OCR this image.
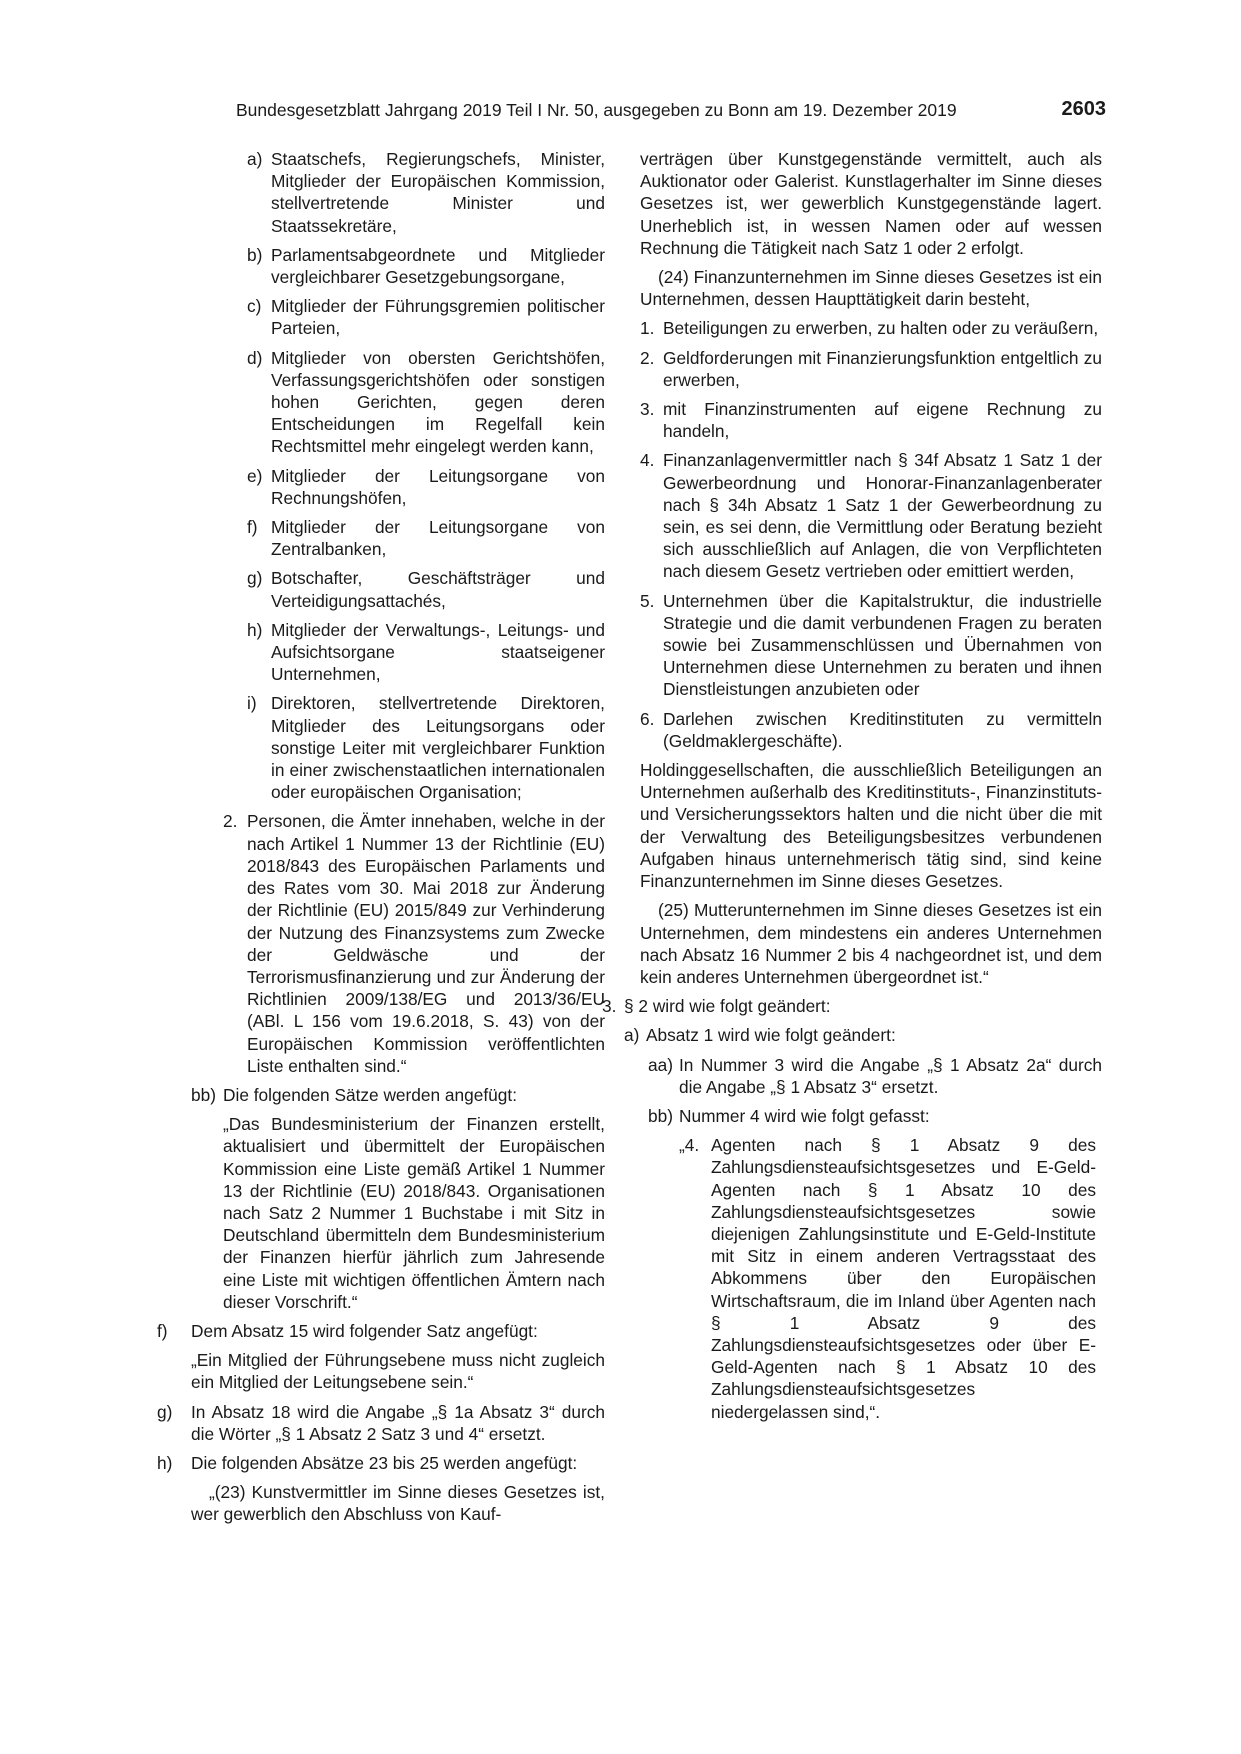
Bundesgesetzblatt Jahrgang 2019 Teil I Nr. 50, ausgegeben zu Bonn am 19. Dezember 2019	2603
a) Staatschefs, Regierungschefs, Minister, Mitglieder der Europäischen Kommission, stellvertretende Minister und Staatssekretäre,
b) Parlamentsabgeordnete und Mitglieder vergleichbarer Gesetzgebungsorgane,
c) Mitglieder der Führungsgremien politischer Parteien,
d) Mitglieder von obersten Gerichtshöfen, Verfassungsgerichtshöfen oder sonstigen hohen Gerichten, gegen deren Entscheidungen im Regelfall kein Rechtsmittel mehr eingelegt werden kann,
e) Mitglieder der Leitungsorgane von Rechnungshöfen,
f) Mitglieder der Leitungsorgane von Zentralbanken,
g) Botschafter, Geschäftsträger und Verteidigungsattachés,
h) Mitglieder der Verwaltungs-, Leitungs- und Aufsichtsorgane staatseigener Unternehmen,
i) Direktoren, stellvertretende Direktoren, Mitglieder des Leitungsorgans oder sonstige Leiter mit vergleichbarer Funktion in einer zwischenstaatlichen internationalen oder europäischen Organisation;
2. Personen, die Ämter innehaben, welche in der nach Artikel 1 Nummer 13 der Richtlinie (EU) 2018/843 des Europäischen Parlaments und des Rates vom 30. Mai 2018 zur Änderung der Richtlinie (EU) 2015/849 zur Verhinderung der Nutzung des Finanzsystems zum Zwecke der Geldwäsche und der Terrorismusfinanzierung und zur Änderung der Richtlinien 2009/138/EG und 2013/36/EU (ABl. L 156 vom 19.6.2018, S. 43) von der Europäischen Kommission veröffentlichten Liste enthalten sind.“
bb) Die folgenden Sätze werden angefügt:

„Das Bundesministerium der Finanzen erstellt, aktualisiert und übermittelt der Europäischen Kommission eine Liste gemäß Artikel 1 Nummer 13 der Richtlinie (EU) 2018/843. Organisationen nach Satz 2 Nummer 1 Buchstabe i mit Sitz in Deutschland übermitteln dem Bundesministerium der Finanzen hierfür jährlich zum Jahresende eine Liste mit wichtigen öffentlichen Ämtern nach dieser Vorschrift.“

f)	Dem Absatz 15 wird folgender Satz angefügt:

„Ein Mitglied der Führungsebene muss nicht zugleich ein Mitglied der Leitungsebene sein.“

g)	In Absatz 18 wird die Angabe „§ 1a Absatz 3“ durch die Wörter „§ 1 Absatz 2 Satz 3 und 4“ ersetzt.
h)	Die folgenden Absätze 23 bis 25 werden angefügt:

„(23) Kunstvermittler im Sinne dieses Gesetzes ist, wer gewerblich den Abschluss von Kauf-

verträgen über Kunstgegenstände vermittelt, auch als Auktionator oder Galerist. Kunstlagerhalter im Sinne dieses Gesetzes ist, wer gewerblich Kunstgegenstände lagert. Unerheblich ist, in wessen Namen oder auf wessen Rechnung die Tätigkeit nach Satz 1 oder 2 erfolgt.

(24) Finanzunternehmen im Sinne dieses Gesetzes ist ein Unternehmen, dessen Haupttätigkeit darin besteht,

1. Beteiligungen zu erwerben, zu halten oder zu veräußern,
2. Geldforderungen mit Finanzierungsfunktion entgeltlich zu erwerben,
3. mit Finanzinstrumenten auf eigene Rechnung zu handeln,
4. Finanzanlagenvermittler nach § 34f Absatz 1 Satz 1 der Gewerbeordnung und Honorar-Finanzanlagenberater nach § 34h Absatz 1 Satz 1 der Gewerbeordnung zu sein, es sei denn, die Vermittlung oder Beratung bezieht sich ausschließlich auf Anlagen, die von Verpflichteten nach diesem Gesetz vertrieben oder emittiert werden,
5. Unternehmen über die Kapitalstruktur, die industrielle Strategie und die damit verbundenen Fragen zu beraten sowie bei Zusammenschlüssen und Übernahmen von Unternehmen diese Unternehmen zu beraten und ihnen Dienstleistungen anzubieten oder
6. Darlehen zwischen Kreditinstituten zu vermitteln (Geldmaklergeschäfte).

Holdinggesellschaften, die ausschließlich Beteiligungen an Unternehmen außerhalb des Kreditinstituts-, Finanzinstituts- und Versicherungssektors halten und die nicht über die mit der Verwaltung des Beteiligungsbesitzes verbundenen Aufgaben hinaus unternehmerisch tätig sind, sind keine Finanzunternehmen im Sinne dieses Gesetzes.

(25) Mutterunternehmen im Sinne dieses Gesetzes ist ein Unternehmen, dem mindestens ein anderes Unternehmen nach Absatz 16 Nummer 2 bis 4 nachgeordnet ist, und dem kein anderes Unternehmen übergeordnet ist.“

3. § 2 wird wie folgt geändert:
a) Absatz 1 wird wie folgt geändert:
aa) In Nummer 3 wird die Angabe „§ 1 Absatz 2a“ durch die Angabe „§ 1 Absatz 3“ ersetzt.
bb) Nummer 4 wird wie folgt gefasst:
„4. Agenten nach § 1 Absatz 9 des Zahlungsdiensteaufsichtsgesetzes und E-Geld-Agenten nach § 1 Absatz 10 des Zahlungsdiensteaufsichtsgesetzes sowie diejenigen Zahlungsinstitute und E-Geld-Institute mit Sitz in einem anderen Vertragsstaat des Abkommens über den Europäischen Wirtschaftsraum, die im Inland über Agenten nach § 1 Absatz 9 des Zahlungsdiensteaufsichtsgesetzes oder über E-Geld-Agenten nach § 1 Absatz 10 des Zahlungsdiensteaufsichtsgesetzes niedergelassen sind,“.
